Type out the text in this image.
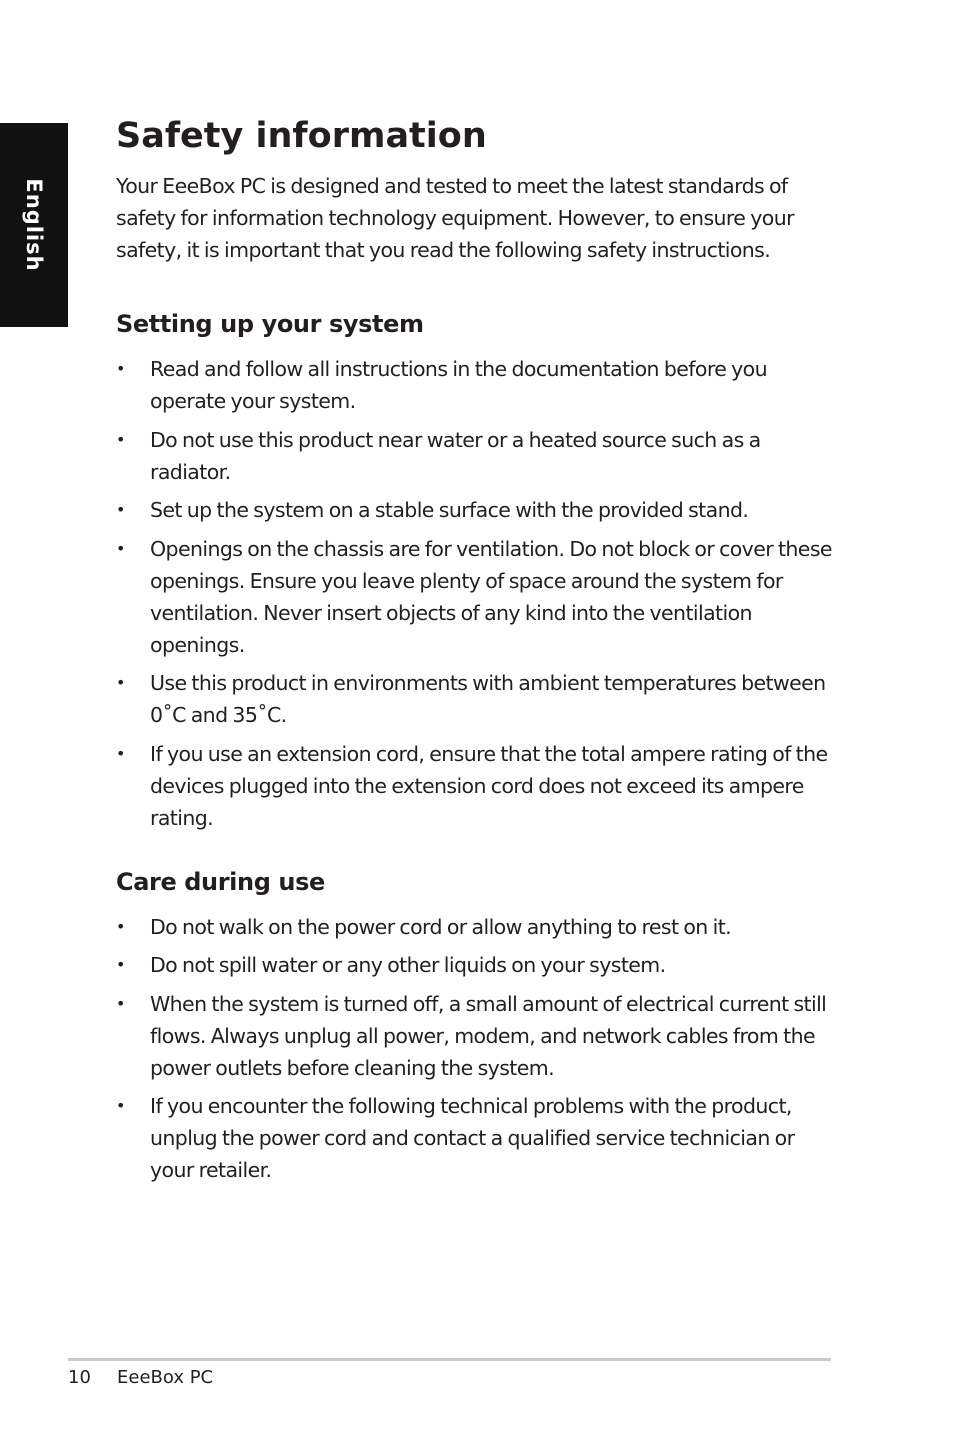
English
Safety information

Your EeeBox PC is designed and tested to meet the latest standards of safety for information technology equipment. However, to ensure your safety, it is important that you read the following safety instructions.

Setting up your system
• Read and follow all instructions in the documentation before you operate your system.
• Do not use this product near water or a heated source such as a radiator.
• Set up the system on a stable surface with the provided stand.
• Openings on the chassis are for ventilation. Do not block or cover these openings. Ensure you leave plenty of space around the system for ventilation. Never insert objects of any kind into the ventilation openings.
• Use this product in environments with ambient temperatures between 0˚C and 35˚C.
• If you use an extension cord, ensure that the total ampere rating of the devices plugged into the extension cord does not exceed its ampere rating.
Care during use
• Do not walk on the power cord or allow anything to rest on it.
• Do not spill water or any other liquids on your system.
• When the system is turned off, a small amount of electrical current still flows. Always unplug all power, modem, and network cables from the power outlets before cleaning the system.
• If you encounter the following technical problems with the product, unplug the power cord and contact a qualified service technician or your retailer.
10 EeeBox PC
